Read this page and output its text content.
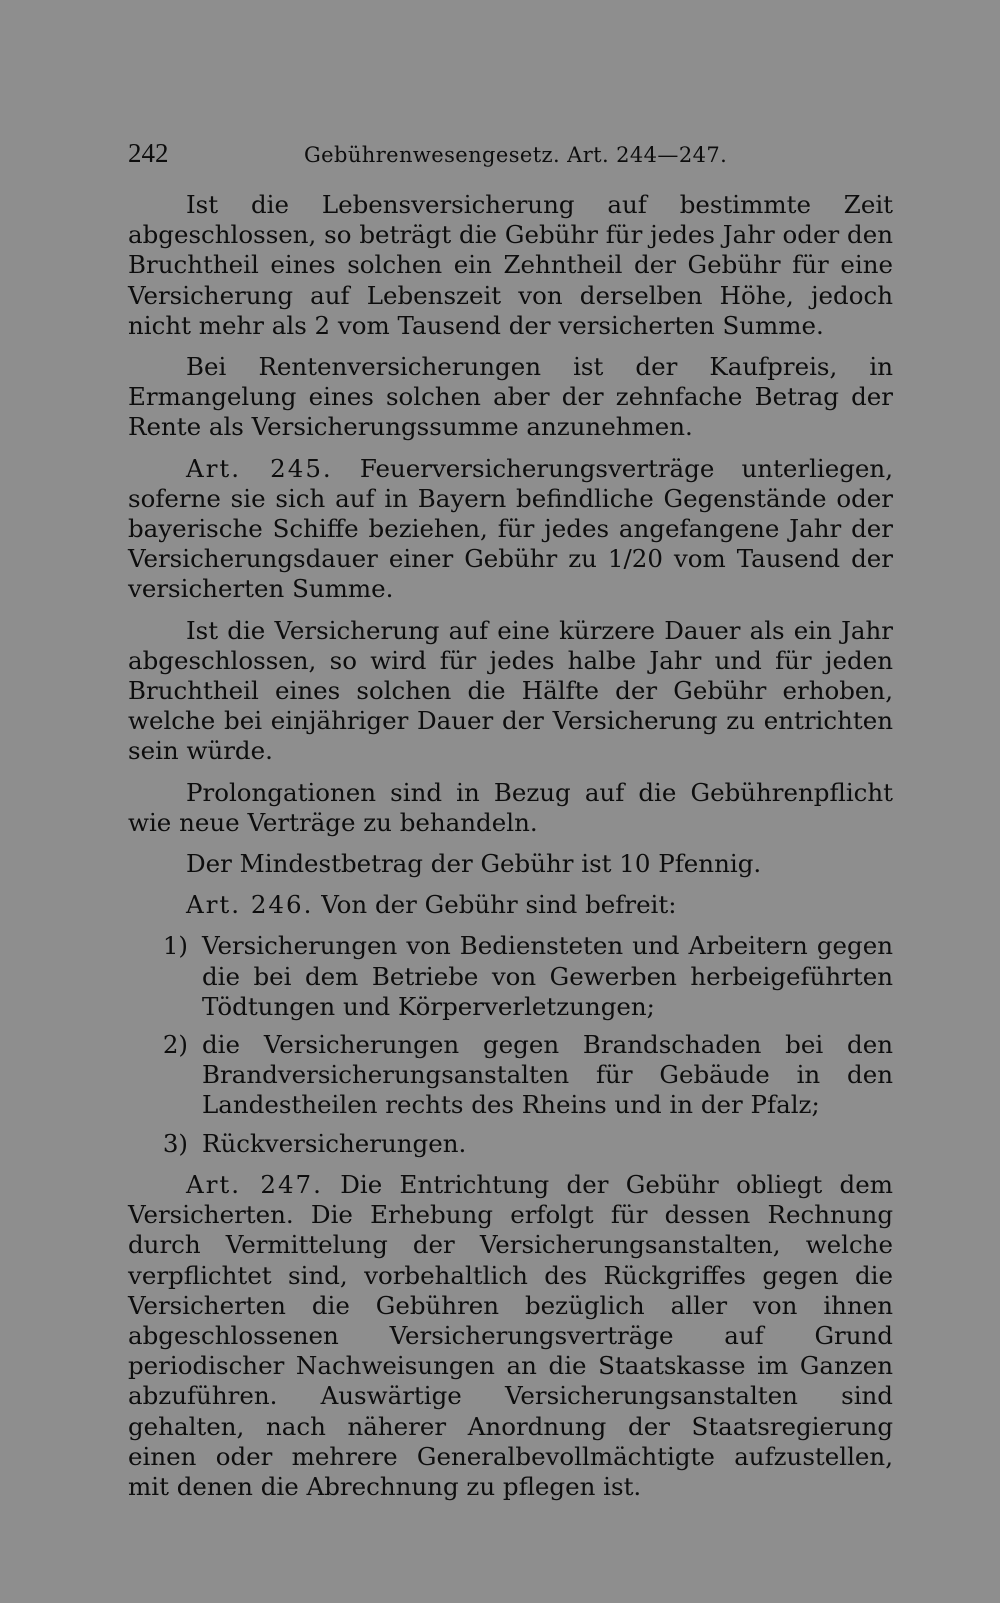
242	Gebührenwesengesetz. Art. 244—247.

Ist die Lebensversicherung auf bestimmte Zeit abgeschlossen, so beträgt die Gebühr für jedes Jahr oder den Bruchtheil eines solchen ein Zehntheil der Gebühr für eine Versicherung auf Lebenszeit von derselben Höhe, jedoch nicht mehr als 2 vom Tausend der versicherten Summe.

Bei Rentenversicherungen ist der Kaufpreis, in Ermangelung eines solchen aber der zehnfache Betrag der Rente als Versicherungssumme anzunehmen.

Art. 245. Feuerversicherungsverträge unterliegen, soferne sie sich auf in Bayern befindliche Gegenstände oder bayerische Schiffe beziehen, für jedes angefangene Jahr der Versicherungsdauer einer Gebühr zu 1/20 vom Tausend der versicherten Summe.

Ist die Versicherung auf eine kürzere Dauer als ein Jahr abgeschlossen, so wird für jedes halbe Jahr und für jeden Bruchtheil eines solchen die Hälfte der Gebühr erhoben, welche bei einjähriger Dauer der Versicherung zu entrichten sein würde.

Prolongationen sind in Bezug auf die Gebührenpflicht wie neue Verträge zu behandeln.

Der Mindestbetrag der Gebühr ist 10 Pfennig.

Art. 246. Von der Gebühr sind befreit:

1) Versicherungen von Bediensteten und Arbeitern gegen die bei dem Betriebe von Gewerben herbeigeführten Tödtungen und Körperverletzungen;
2) die Versicherungen gegen Brandschaden bei den Brandversicherungsanstalten für Gebäude in den Landestheilen rechts des Rheins und in der Pfalz;
3) Rückversicherungen.

Art. 247. Die Entrichtung der Gebühr obliegt dem Versicherten. Die Erhebung erfolgt für dessen Rechnung durch Vermittelung der Versicherungsanstalten, welche verpflichtet sind, vorbehaltlich des Rückgriffes gegen die Versicherten die Gebühren bezüglich aller von ihnen abgeschlossenen Versicherungsverträge auf Grund periodischer Nachweisungen an die Staatskasse im Ganzen abzuführen. Auswärtige Versicherungsanstalten sind gehalten, nach näherer Anordnung der Staatsregierung einen oder mehrere Generalbevollmächtigte aufzustellen, mit denen die Abrechnung zu pflegen ist.
